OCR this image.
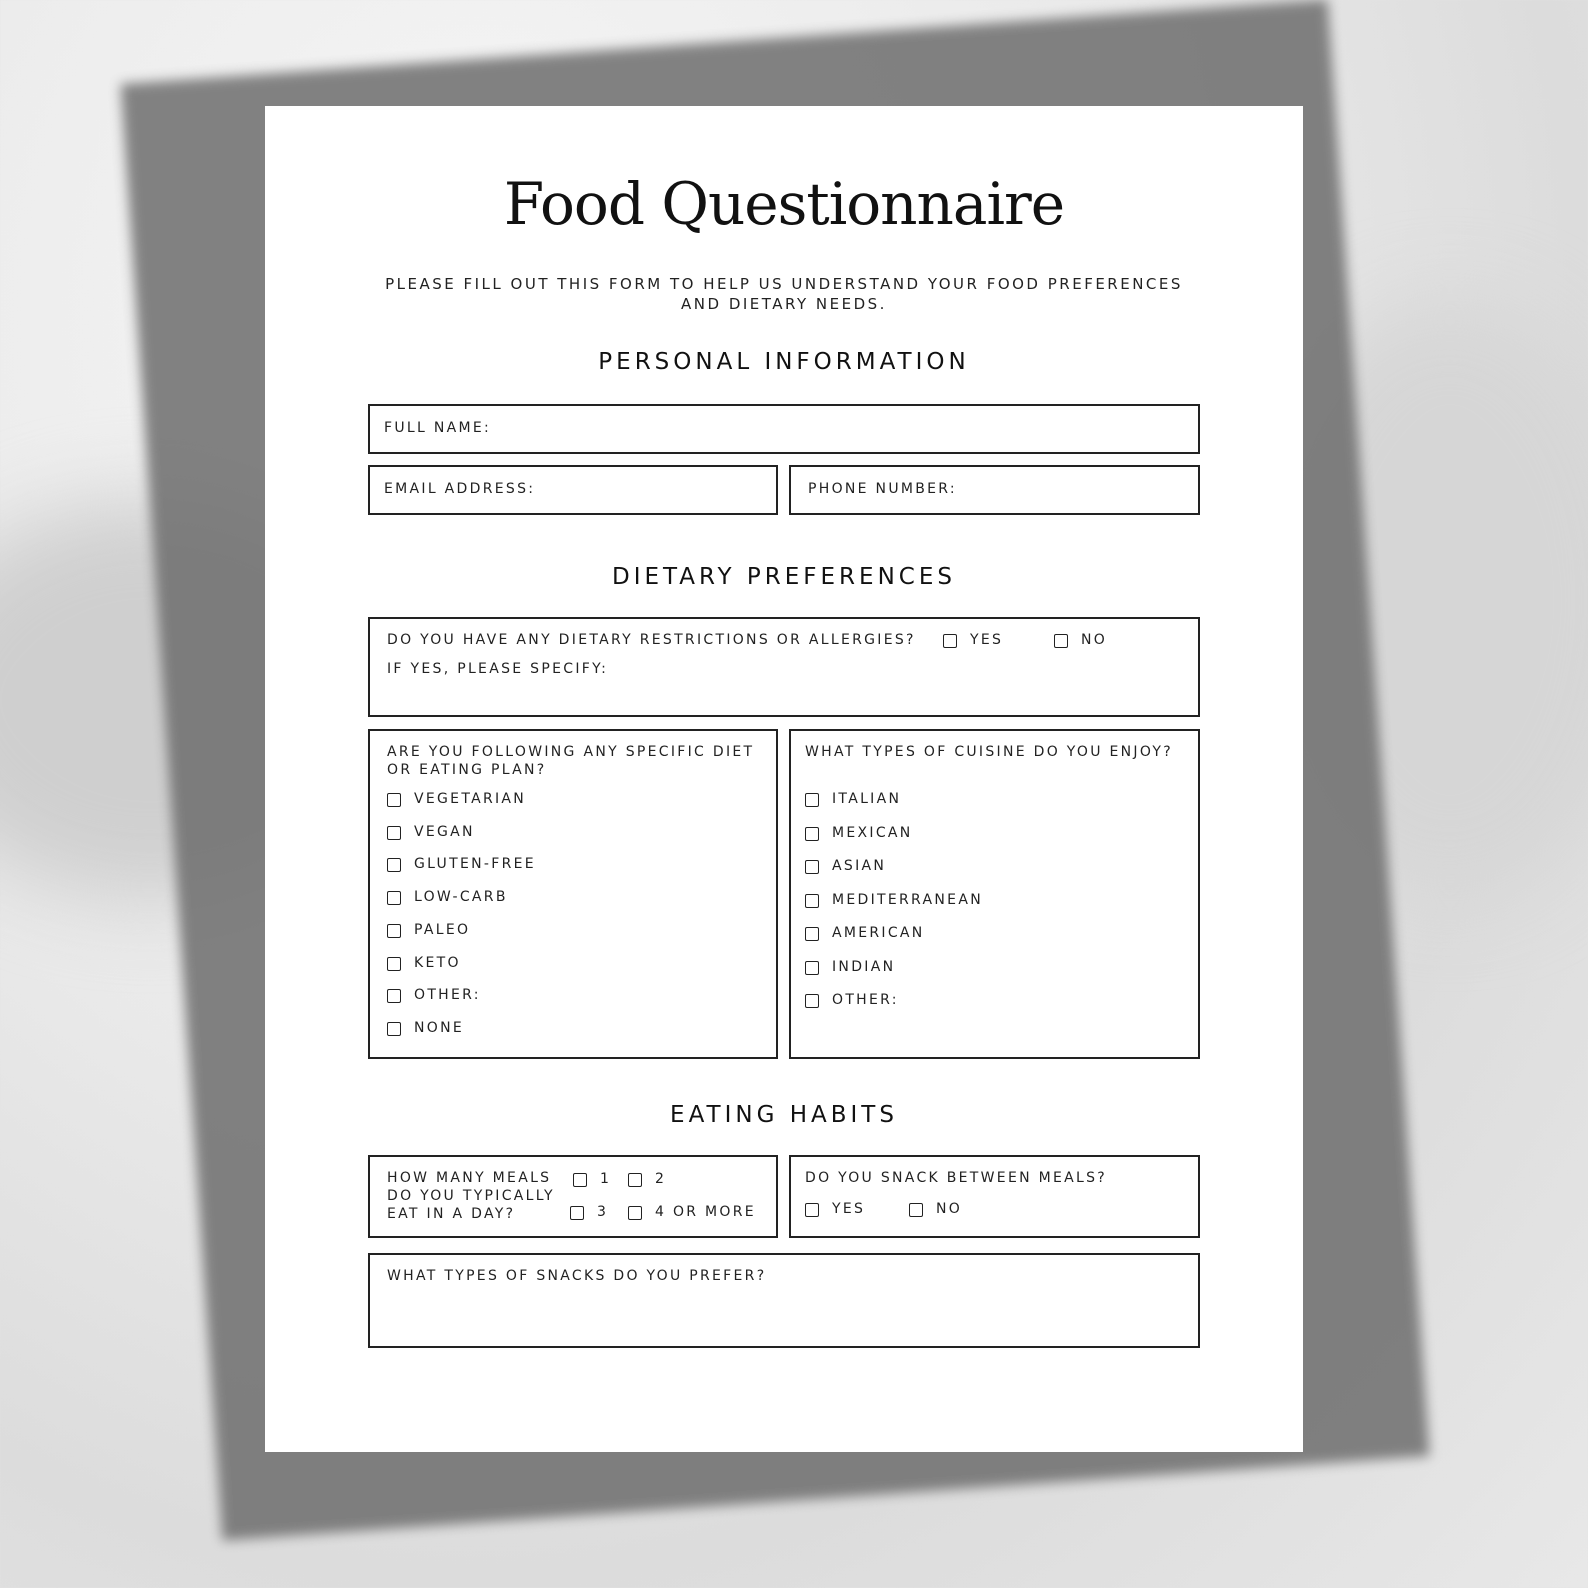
Food Questionnaire
PLEASE FILL OUT THIS FORM TO HELP US UNDERSTAND YOUR FOOD PREFERENCES
AND DIETARY NEEDS.
PERSONAL INFORMATION
FULL NAME:
EMAIL ADDRESS:	PHONE NUMBER:
DIETARY PREFERENCES
DO YOU HAVE ANY DIETARY RESTRICTIONS OR ALLERGIES?	YES	NO
IF YES, PLEASE SPECIFY:
ARE YOU FOLLOWING ANY SPECIFIC DIET
OR EATING PLAN?
VEGETARIAN
VEGAN
GLUTEN-FREE
LOW-CARB
PALEO
KETO
OTHER:
NONE
WHAT TYPES OF CUISINE DO YOU ENJOY?
ITALIAN
MEXICAN
ASIAN
MEDITERRANEAN
AMERICAN
INDIAN
OTHER:
EATING HABITS
HOW MANY MEALS
DO YOU TYPICALLY
EAT IN A DAY?
1	2
3	4 OR MORE
DO YOU SNACK BETWEEN MEALS?
YES	NO
WHAT TYPES OF SNACKS DO YOU PREFER?
